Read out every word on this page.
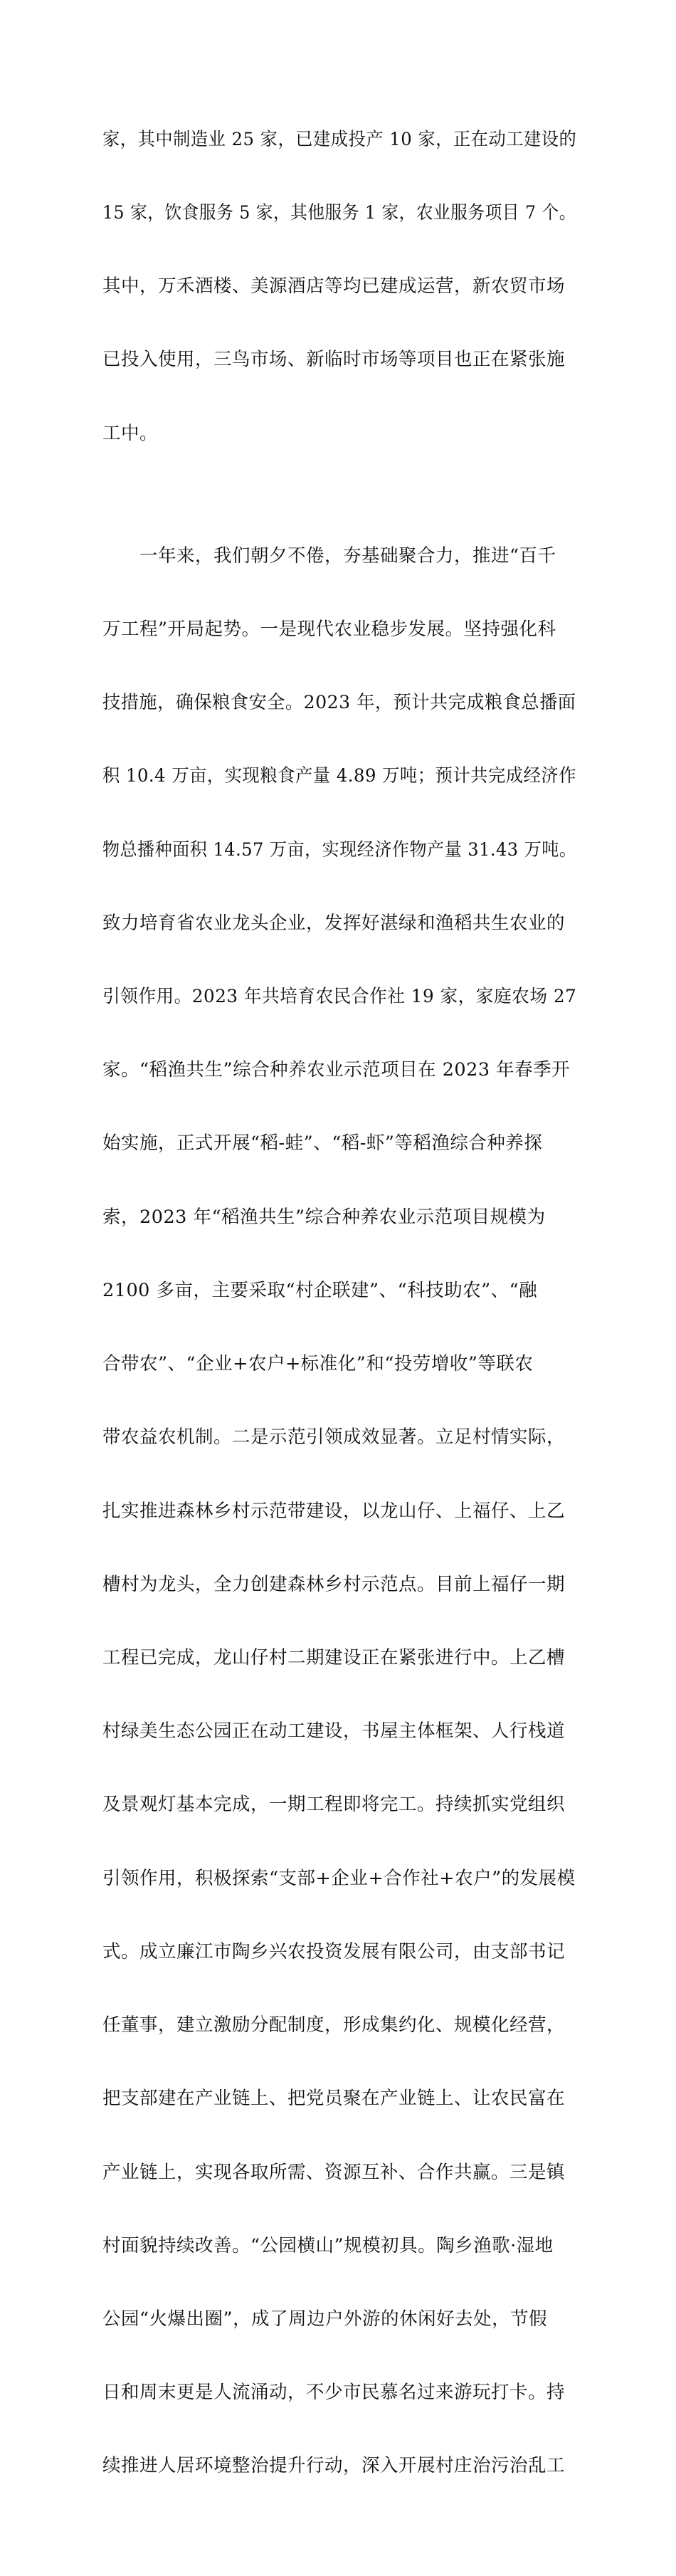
家，其中制造业 25 家，已建成投产 10 家，正在动工建设的

15 家，饮食服务 5 家，其他服务 1 家，农业服务项目 7 个。

其中，万禾酒楼、美源酒店等均已建成运营，新农贸市场

已投入使用，三鸟市场、新临时市场等项目也正在紧张施

工中。

　　一年来，我们朝夕不倦，夯基础聚合力，推进“百千

万工程”开局起势。一是现代农业稳步发展。坚持强化科

技措施，确保粮食安全。2023 年，预计共完成粮食总播面

积 10.4 万亩，实现粮食产量 4.89 万吨；预计共完成经济作

物总播种面积 14.57 万亩，实现经济作物产量 31.43 万吨。

致力培育省农业龙头企业，发挥好湛绿和渔稻共生农业的

引领作用。2023 年共培育农民合作社 19 家，家庭农场 27

家。“稻渔共生”综合种养农业示范项目在 2023 年春季开

始实施，正式开展“稻-蛙”、“稻-虾”等稻渔综合种养探

索，2023 年“稻渔共生”综合种养农业示范项目规模为

2100 多亩，主要采取“村企联建”、“科技助农”、“融

合带农”、“企业+农户+标准化”和“投劳增收”等联农

带农益农机制。二是示范引领成效显著。立足村情实际，

扎实推进森林乡村示范带建设，以龙山仔、上福仔、上乙

槽村为龙头，全力创建森林乡村示范点。目前上福仔一期

工程已完成，龙山仔村二期建设正在紧张进行中。上乙槽

村绿美生态公园正在动工建设，书屋主体框架、人行栈道

及景观灯基本完成，一期工程即将完工。持续抓实党组织

引领作用，积极探索“支部+企业+合作社+农户”的发展模

式。成立廉江市陶乡兴农投资发展有限公司，由支部书记

任董事，建立激励分配制度，形成集约化、规模化经营，

把支部建在产业链上、把党员聚在产业链上、让农民富在

产业链上，实现各取所需、资源互补、合作共赢。三是镇

村面貌持续改善。“公园横山”规模初具。陶乡渔歌·湿地

公园“火爆出圈”，成了周边户外游的休闲好去处，节假

日和周末更是人流涌动，不少市民慕名过来游玩打卡。持

续推进人居环境整治提升行动，深入开展村庄治污治乱工
